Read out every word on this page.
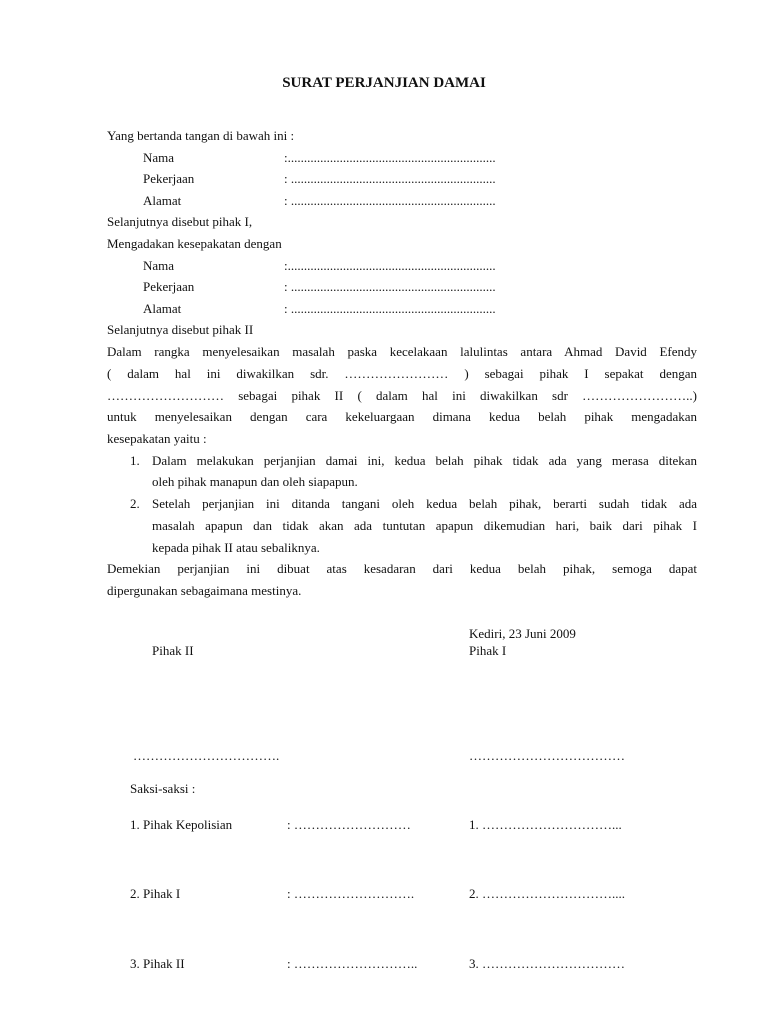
SURAT PERJANJIAN DAMAI
Yang bertanda tangan di bawah ini :
Nama	:................................................................
Pekerjaan	: ...............................................................
Alamat	: ...............................................................
Selanjutnya disebut pihak I,
Mengadakan kesepakatan dengan
Nama	:................................................................
Pekerjaan	: ...............................................................
Alamat	: ...............................................................
Selanjutnya disebut pihak II
Dalam rangka menyelesaikan masalah paska kecelakaan lalulintas antara Ahmad David Efendy
( dalam hal ini diwakilkan sdr. …………………… ) sebagai pihak I sepakat dengan
……………………… sebagai pihak II ( dalam hal ini diwakilkan sdr ……………………..)
untuk menyelesaikan dengan cara kekeluargaan dimana kedua belah pihak mengadakan
kesepakatan yaitu :
1. Dalam melakukan perjanjian damai ini, kedua belah pihak tidak ada yang merasa ditekan
oleh pihak manapun dan oleh siapapun.
2. Setelah perjanjian ini ditanda tangani oleh kedua belah pihak, berarti sudah tidak ada
masalah apapun dan tidak akan ada tuntutan apapun dikemudian hari, baik dari pihak I
kepada pihak II atau sebaliknya.
Demekian perjanjian ini dibuat atas kesadaran dari kedua belah pihak, semoga dapat
dipergunakan sebagaimana mestinya.
Kediri, 23 Juni 2009
Pihak II	Pihak I
…………………………….	………………………………
Saksi-saksi :
1. Pihak Kepolisian	: ………………………	1. …………………………...
2. Pihak I	: ……………………….	2. …………………………....
3. Pihak II	: ………………………..	3. ……………………………
